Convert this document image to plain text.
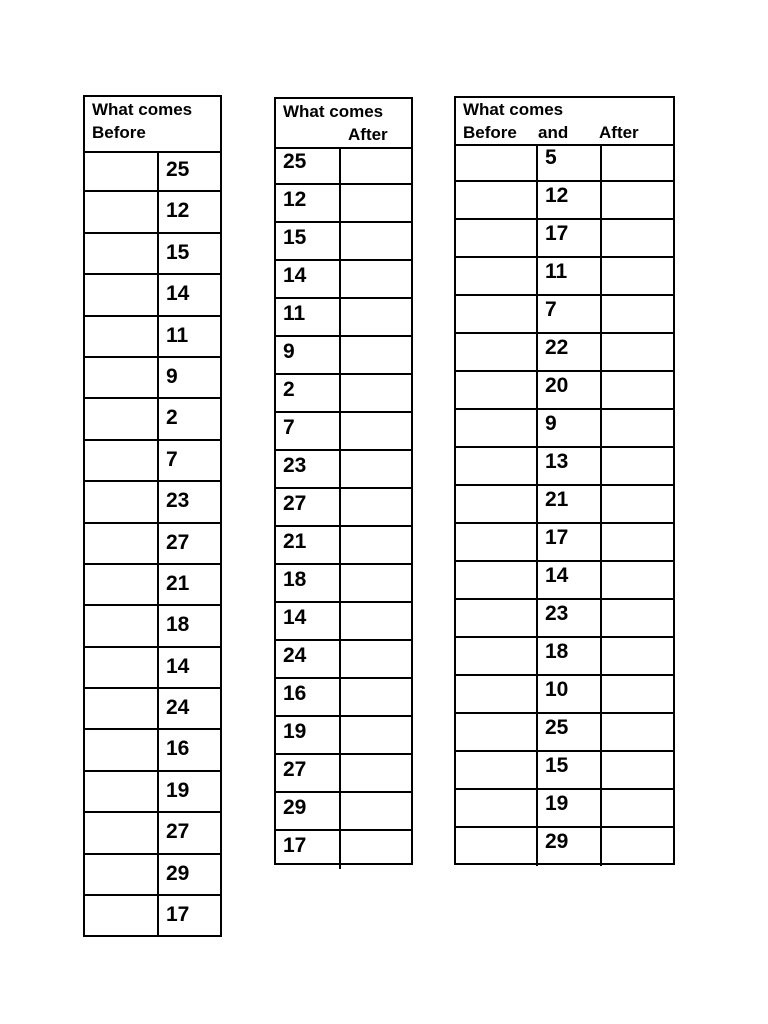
What comes
Before
25
12
15
14
11
9
2
7
23
27
21
18
14
24
16
19
27
29
17
What comes
After
25
12
15
14
11
9
2
7
23
27
21
18
14
24
16
19
27
29
17
What comes
Before and After
5
12
17
11
7
22
20
9
13
21
17
14
23
18
10
25
15
19
29
